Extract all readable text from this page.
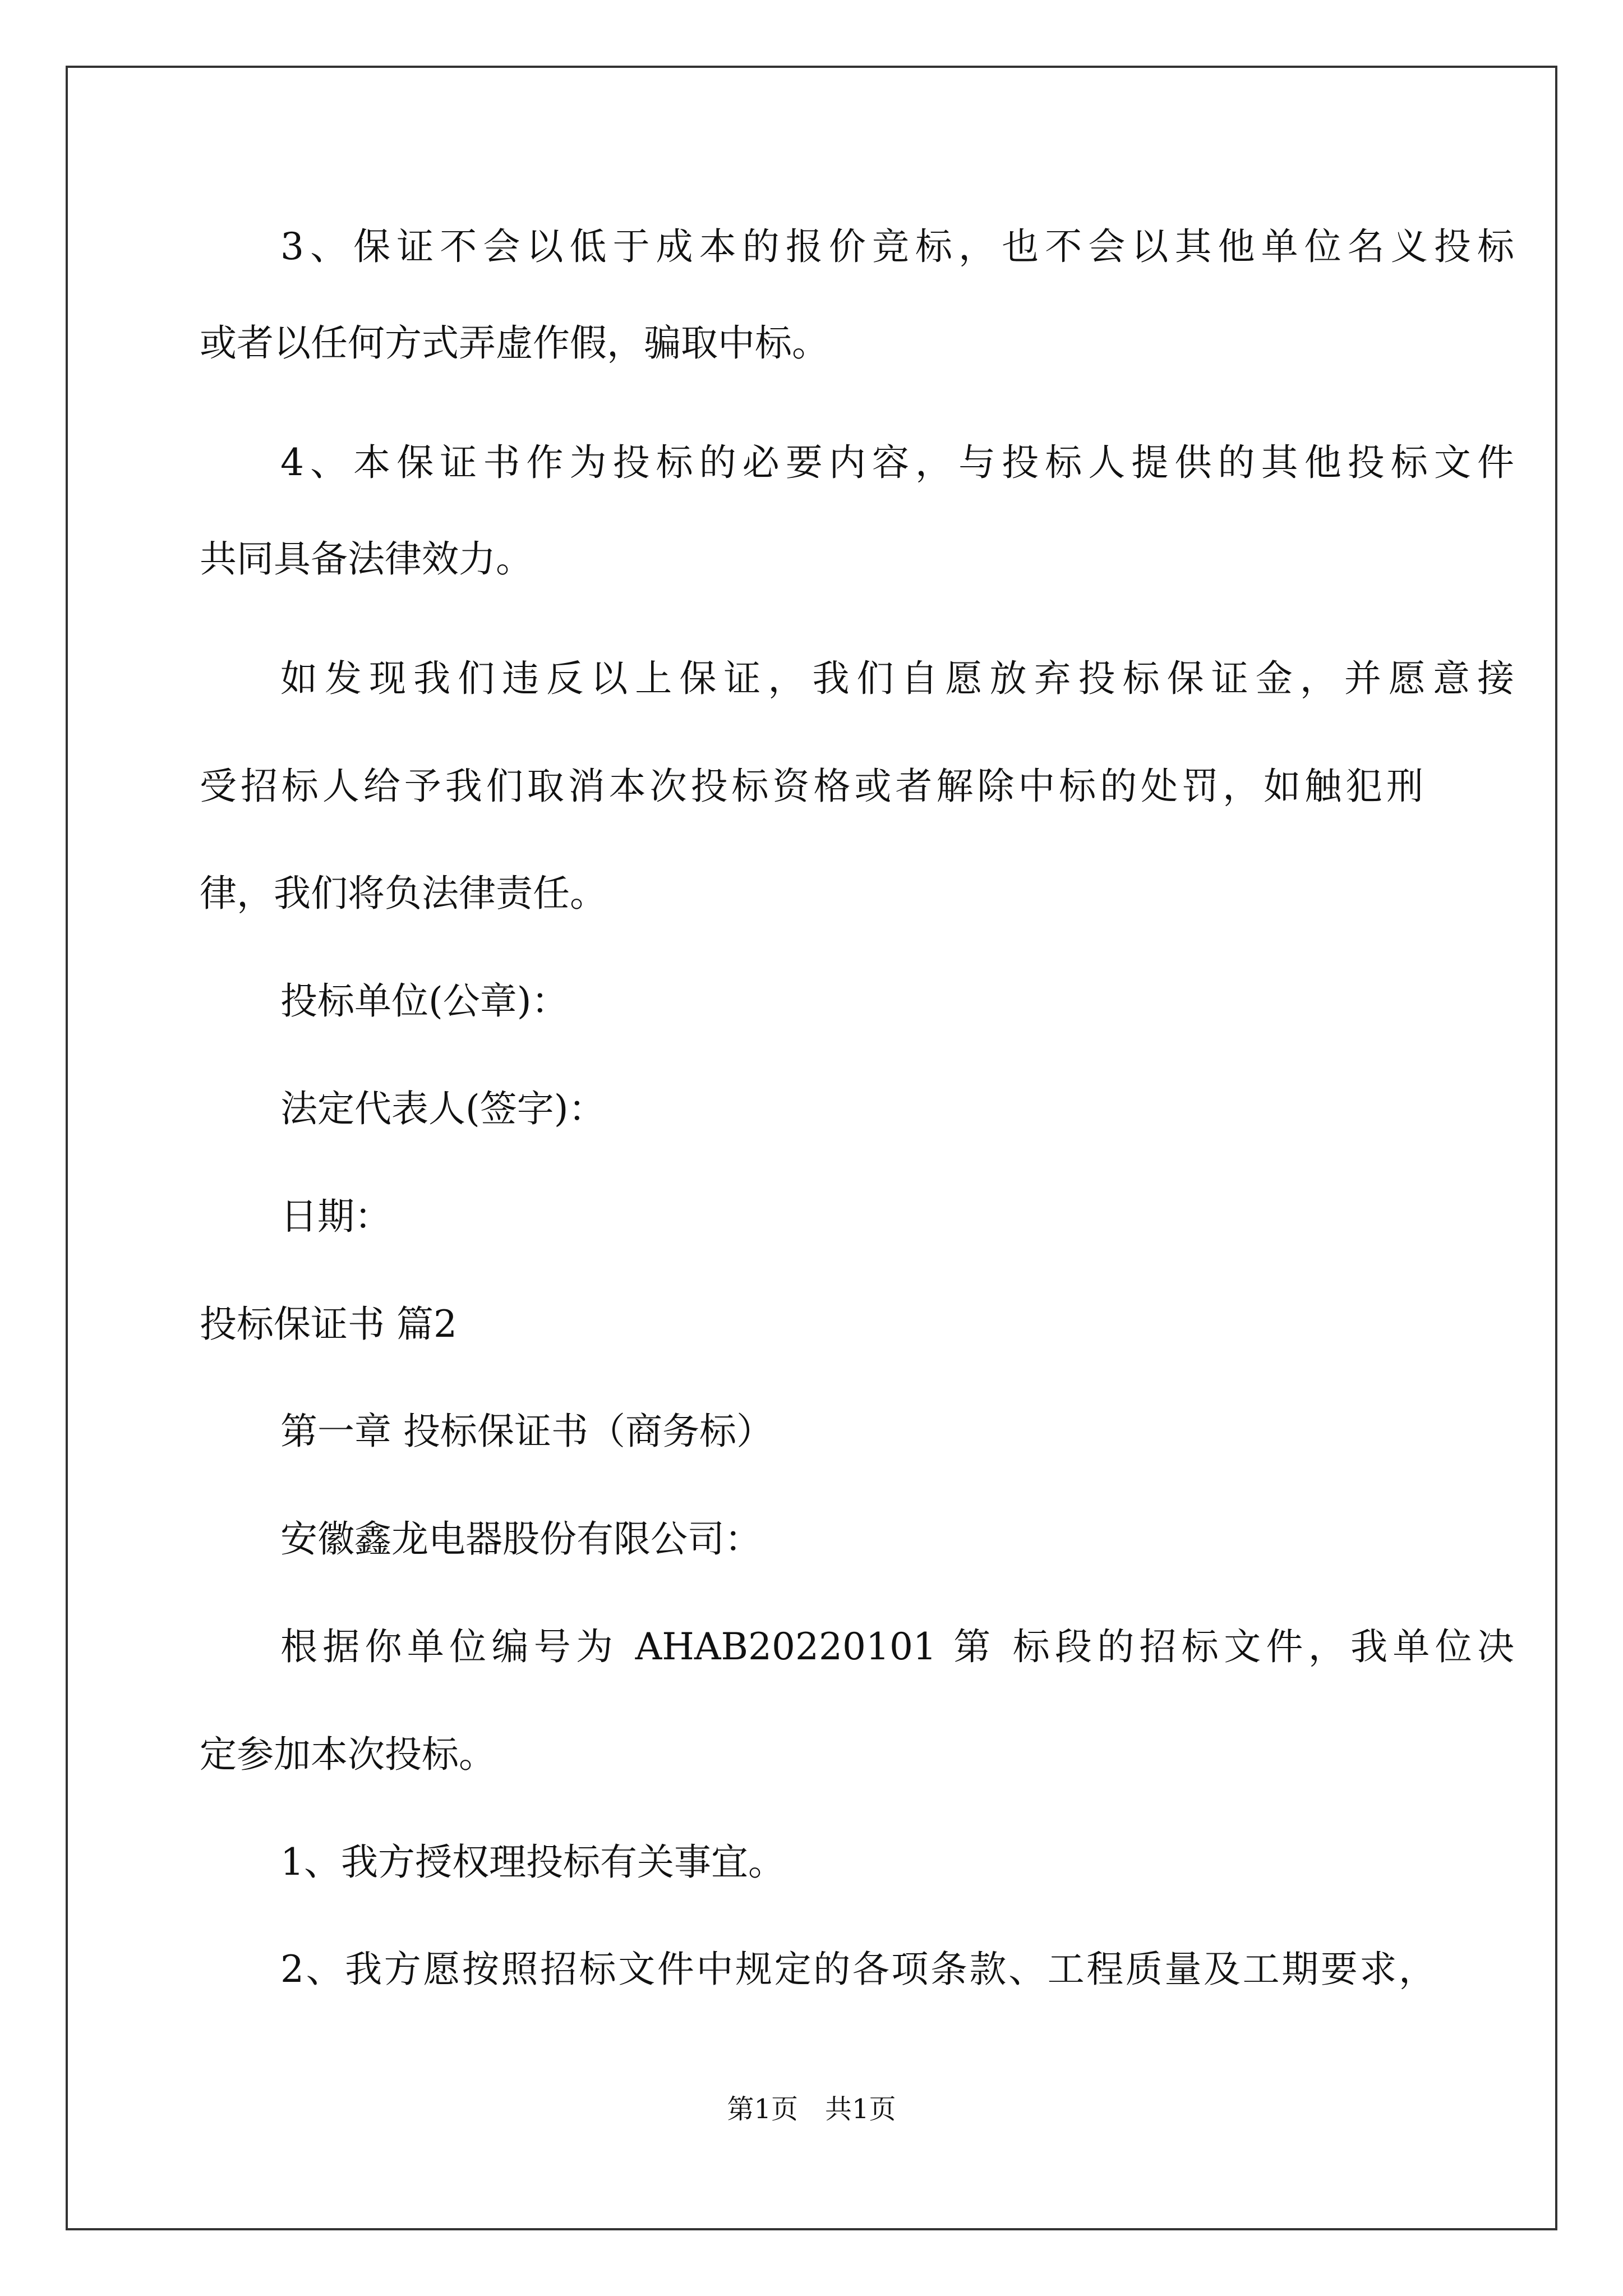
3、保证不会以低于成本的报价竞标，也不会以其他单位名义投标
或者以任何方式弄虚作假，骗取中标。
4、本保证书作为投标的必要内容，与投标人提供的其他投标文件
共同具备法律效力。
如发现我们违反以上保证，我们自愿放弃投标保证金，并愿意接
受招标人给予我们取消本次投标资格或者解除中标的处罚，如触犯刑
律，我们将负法律责任。
投标单位(公章)：
法定代表人(签字)：
日期：
投标保证书 篇2
第一章 投标保证书（商务标）
安徽鑫龙电器股份有限公司：
根据你单位编号为 AHAB20220101 第 标段的招标文件，我单位决
定参加本次投标。
1、我方授权理投标有关事宜。
2、我方愿按照招标文件中规定的各项条款、工程质量及工期要求，
第1页　共1页
